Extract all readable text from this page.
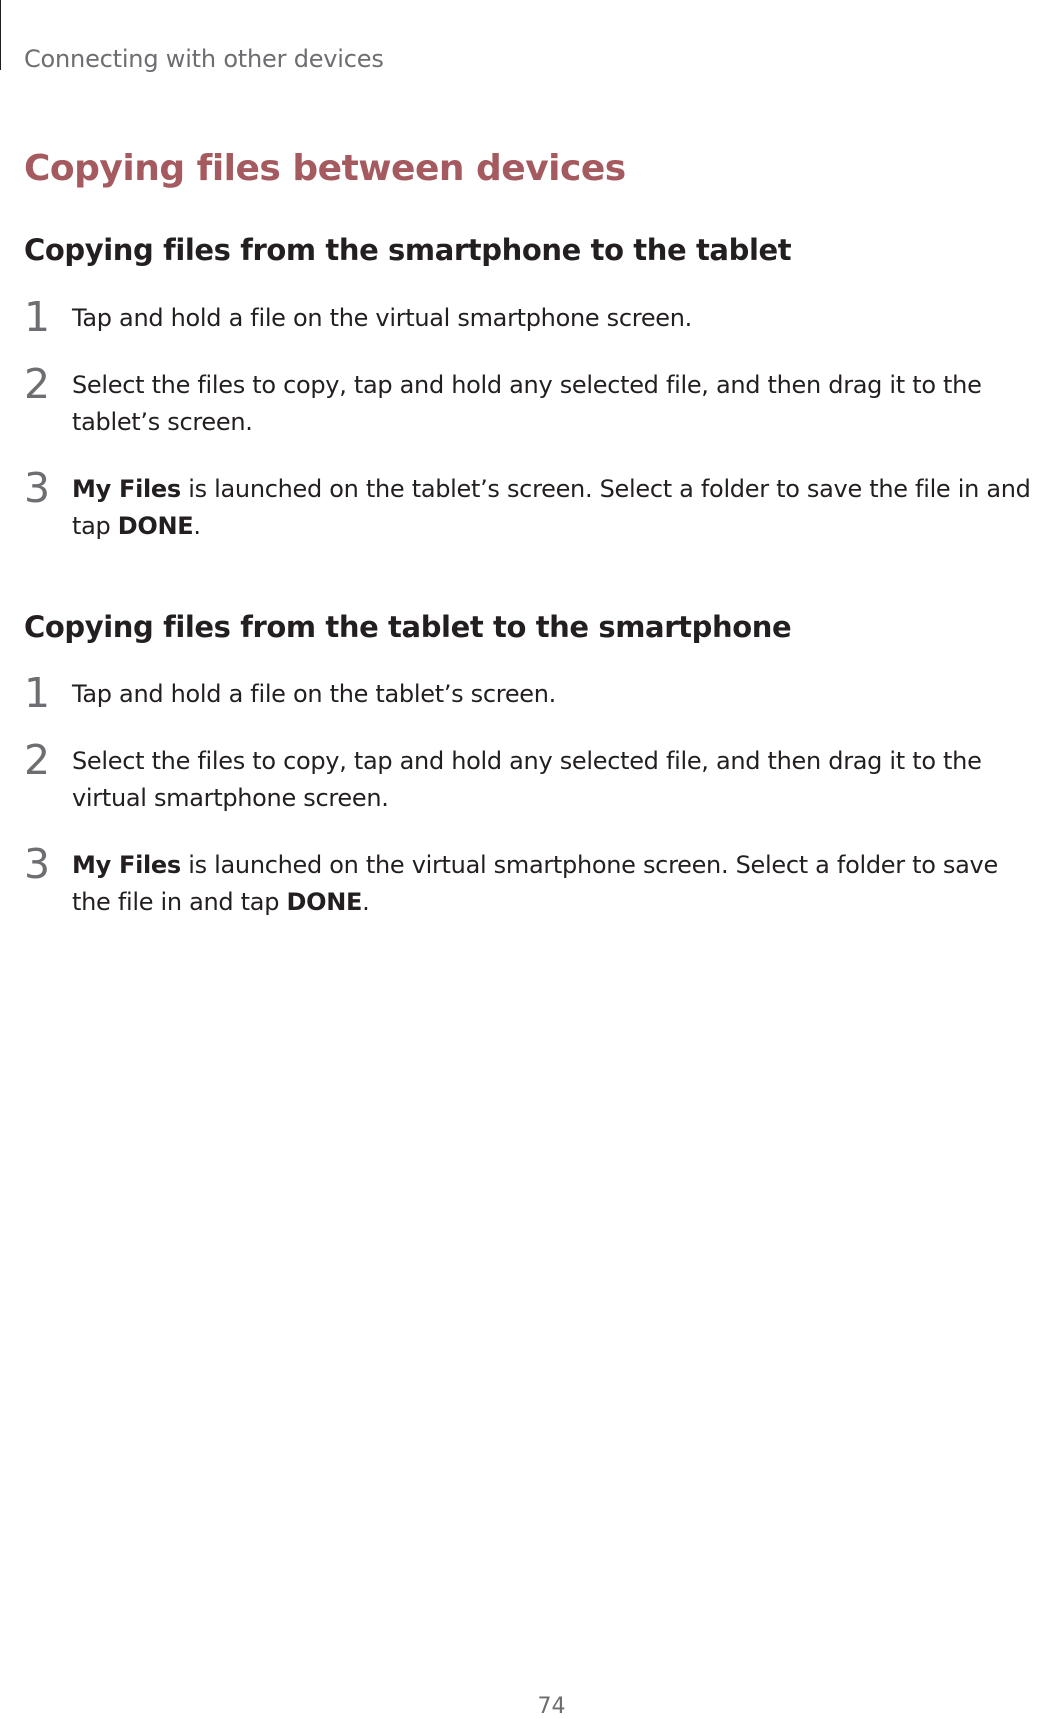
Connecting with other devices
Copying files between devices
Copying files from the smartphone to the tablet
1 Tap and hold a file on the virtual smartphone screen.
2 Select the files to copy, tap and hold any selected file, and then drag it to the tablet’s screen.
3 My Files is launched on the tablet’s screen. Select a folder to save the file in and tap DONE.
Copying files from the tablet to the smartphone
1 Tap and hold a file on the tablet’s screen.
2 Select the files to copy, tap and hold any selected file, and then drag it to the virtual smartphone screen.
3 My Files is launched on the virtual smartphone screen. Select a folder to save the file in and tap DONE.
74
